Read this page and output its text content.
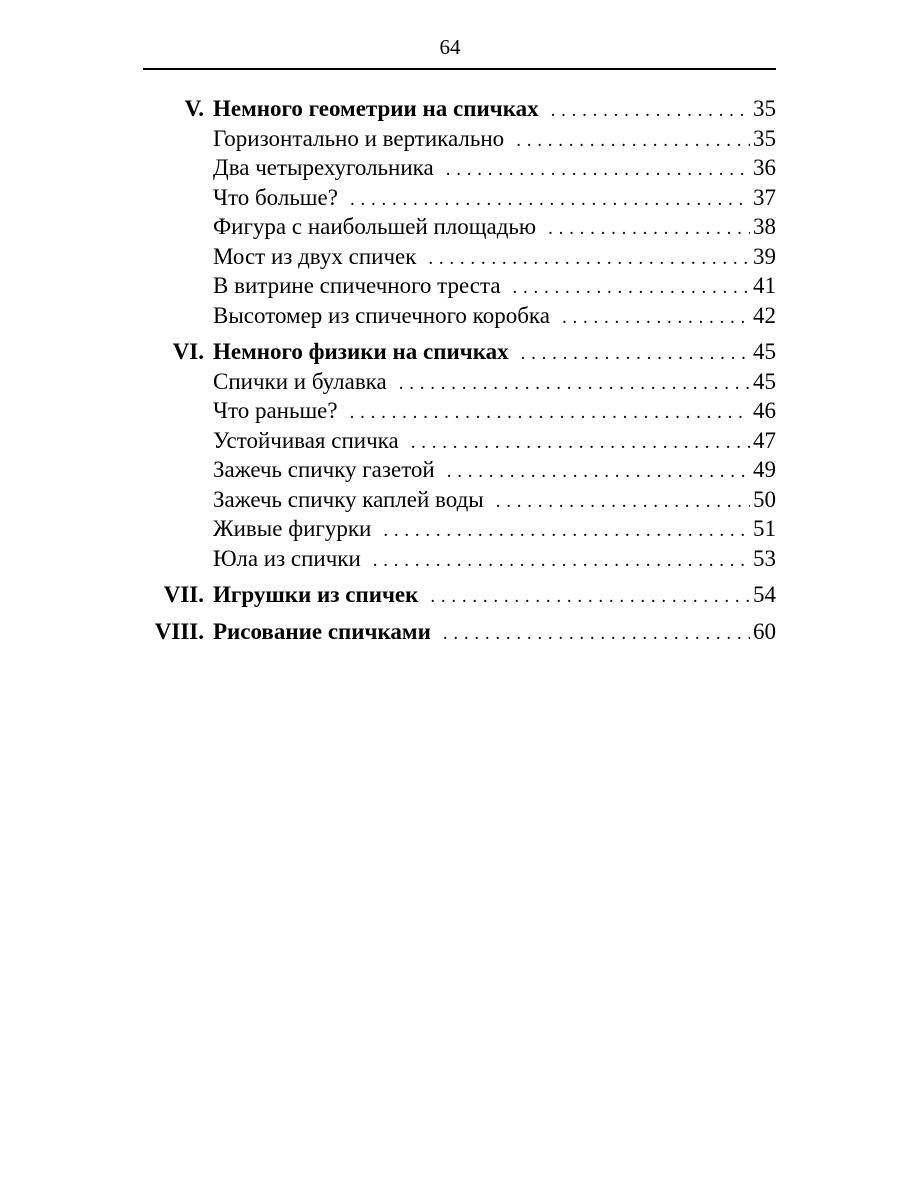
64
V. Немного геометрии на спичках . . .	35
Горизонтально и вертикально . . .	35
Два четырехугольника . . .	36
Что больше? . . .	37
Фигура с наибольшей площадью . . .	38
Мост из двух спичек . . .	39
В витрине спичечного треста . . .	41
Высотомер из спичечного коробка . . .	42
VI. Немного физики на спичках . . .	45
Спички и булавка . . .	45
Что раньше? . . .	46
Устойчивая спичка . . .	47
Зажечь спичку газетой . . .	49
Зажечь спичку каплей воды . . .	50
Живые фигурки . . .	51
Юла из спички . . .	53
VII. Игрушки из спичек . . .	54
VIII. Рисование спичками . . .	60
